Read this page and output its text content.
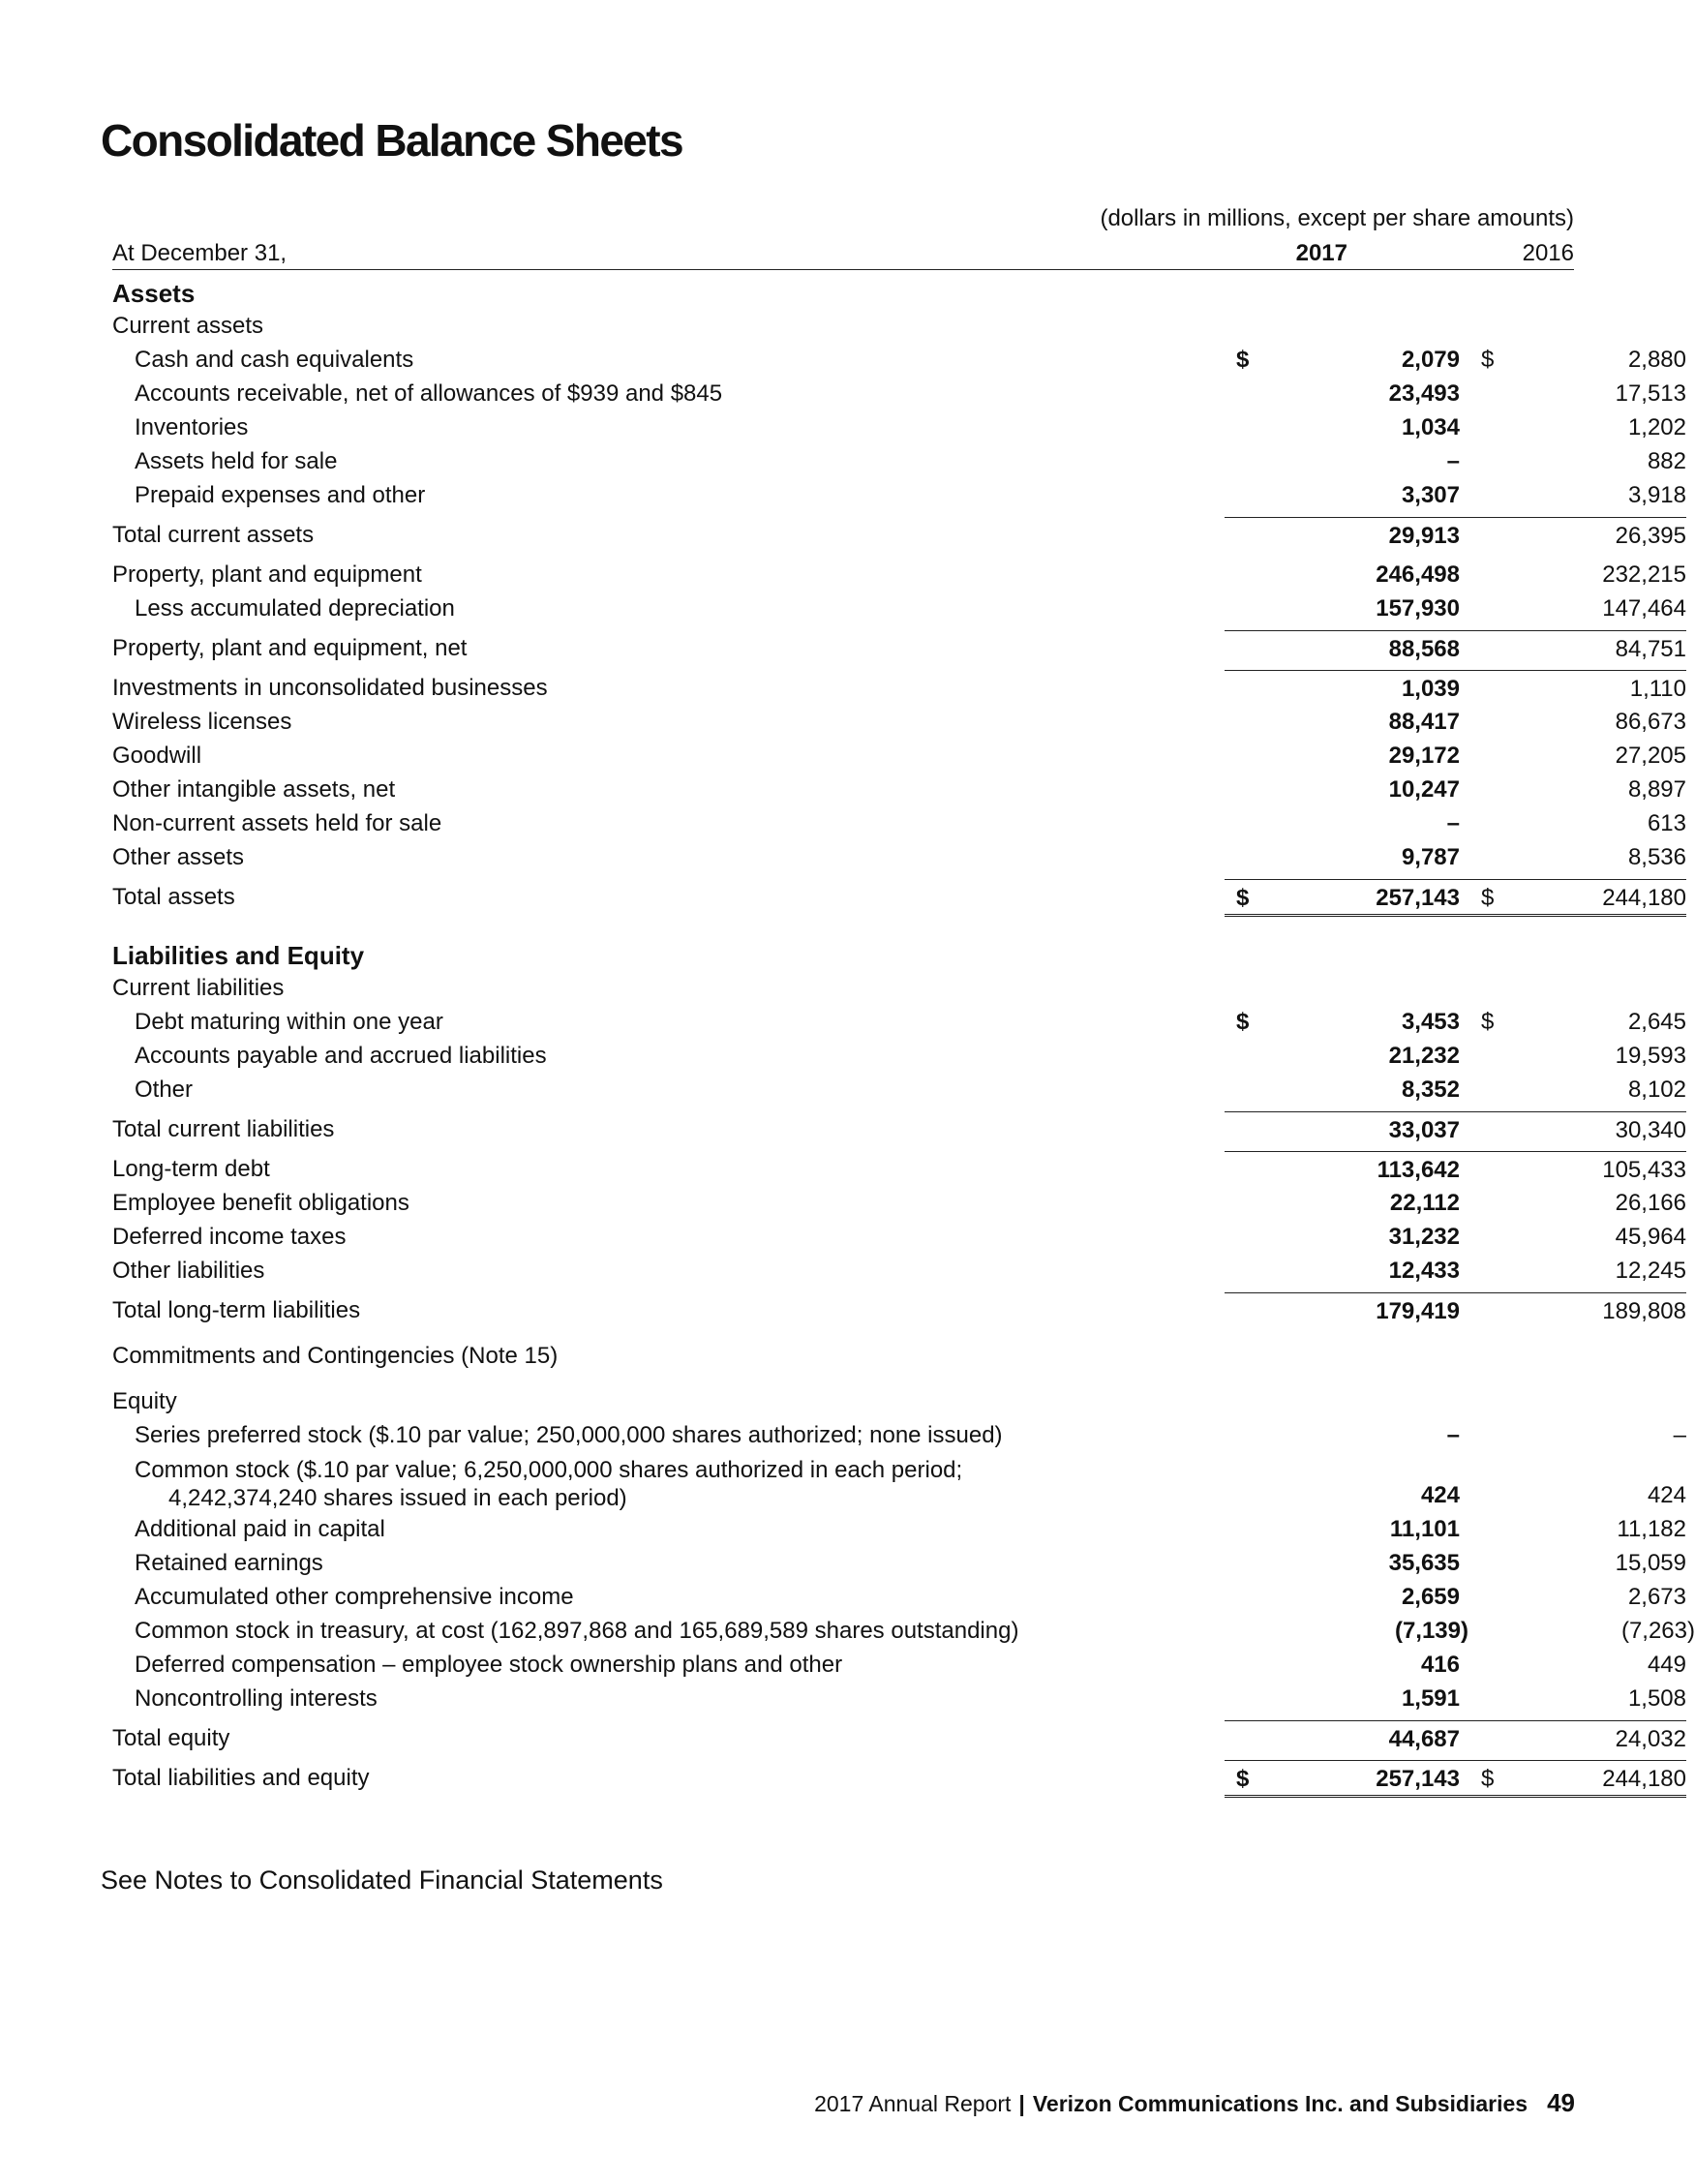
Consolidated Balance Sheets
(dollars in millions, except per share amounts)
At December 31,	2017	2016
Assets
Current assets
Cash and cash equivalents	$	2,079 $	2,880
Accounts receivable, net of allowances of $939 and $845	23,493	17,513
Inventories	1,034	1,202
Assets held for sale	–	882
Prepaid expenses and other	3,307	3,918
Total current assets	29,913	26,395
Property, plant and equipment	246,498	232,215
Less accumulated depreciation	157,930	147,464
Property, plant and equipment, net	88,568	84,751
Investments in unconsolidated businesses	1,039	1,110
Wireless licenses	88,417	86,673
Goodwill	29,172	27,205
Other intangible assets, net	10,247	8,897
Non-current assets held for sale	–	613
Other assets	9,787	8,536
Total assets	$	257,143 $	244,180
Liabilities and Equity
Current liabilities
Debt maturing within one year	$	3,453 $	2,645
Accounts payable and accrued liabilities	21,232	19,593
Other	8,352	8,102
Total current liabilities	33,037	30,340
Long-term debt	113,642	105,433
Employee benefit obligations	22,112	26,166
Deferred income taxes	31,232	45,964
Other liabilities	12,433	12,245
Total long-term liabilities	179,419	189,808
Commitments and Contingencies (Note 15)
Equity
Series preferred stock ($.10 par value; 250,000,000 shares authorized; none issued)	–	–
Common stock ($.10 par value; 6,250,000,000 shares authorized in each period;
4,242,374,240 shares issued in each period)	424	424
Additional paid in capital	11,101	11,182
Retained earnings	35,635	15,059
Accumulated other comprehensive income	2,659	2,673
Common stock in treasury, at cost (162,897,868 and 165,689,589 shares outstanding)	(7,139)	(7,263)
Deferred compensation – employee stock ownership plans and other	416	449
Noncontrolling interests	1,591	1,508
Total equity	44,687	24,032
Total liabilities and equity	$	257,143 $	244,180
See Notes to Consolidated Financial Statements
2017 Annual Report | Verizon Communications Inc. and Subsidiaries 49
